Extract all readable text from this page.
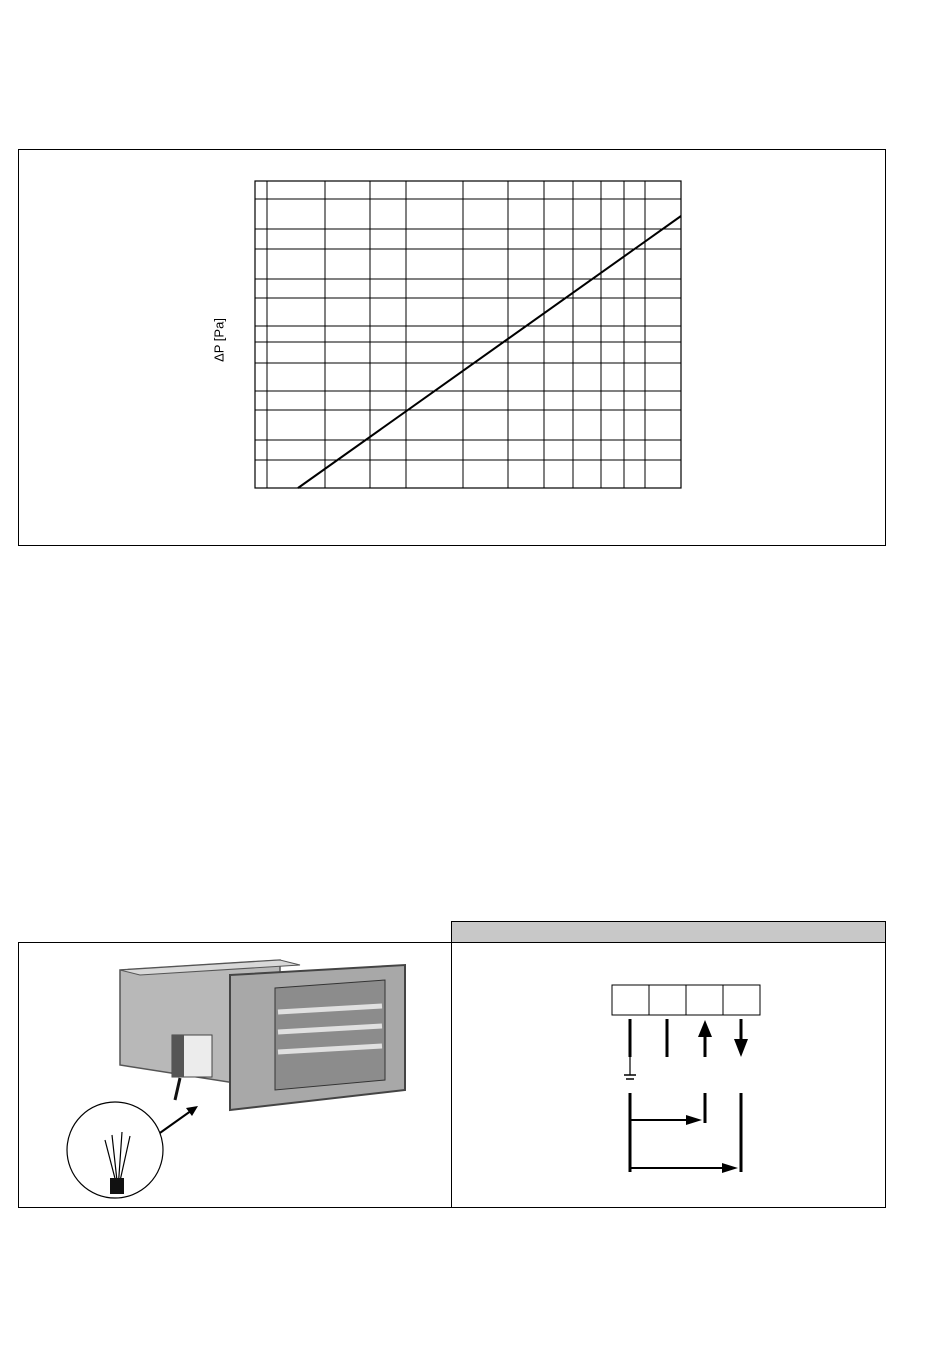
ΔP [Pa]
